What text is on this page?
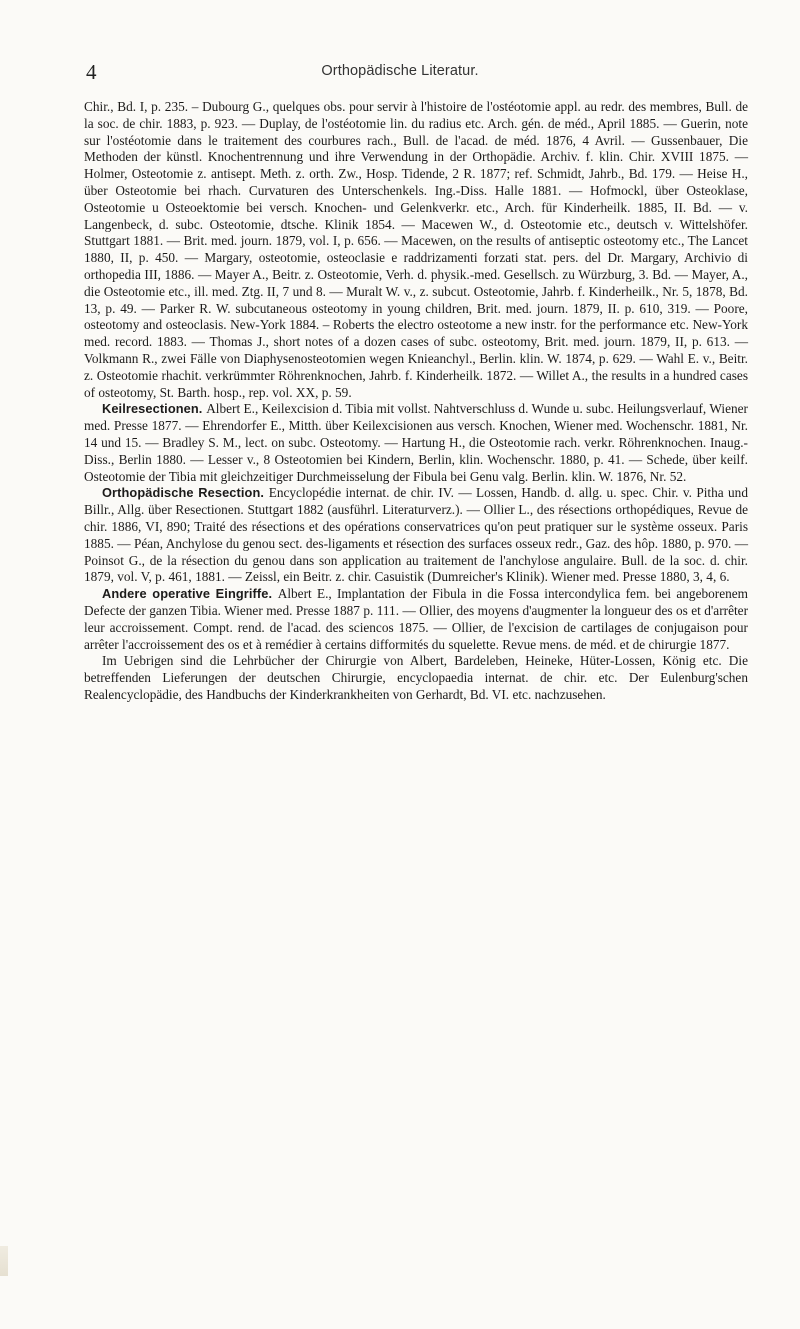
4	Orthopädische Literatur.

Chir., Bd. I, p. 235. – Dubourg G., quelques obs. pour servir à l'histoire de l'ostéotomie appl. au redr. des membres, Bull. de la soc. de chir. 1883, p. 923. — Duplay, de l'ostéotomie lin. du radius etc. Arch. gén. de méd., April 1885. — Guerin, note sur l'ostéotomie dans le traitement des courbures rach., Bull. de l'acad. de méd. 1876, 4 Avril. — Gussenbauer, Die Methoden der künstl. Knochentrennung und ihre Verwendung in der Orthopädie. Archiv. f. klin. Chir. XVIII 1875. — Holmer, Osteotomie z. antisept. Meth. z. orth. Zw., Hosp. Tidende, 2 R. 1877; ref. Schmidt, Jahrb., Bd. 179. — Heise H., über Osteotomie bei rhach. Curvaturen des Unterschenkels. Ing.-Diss. Halle 1881. — Hofmockl, über Osteoklase, Osteotomie u Osteoektomie bei versch. Knochen- und Gelenkverkr. etc., Arch. für Kinderheilk. 1885, II. Bd. — v. Langenbeck, d. subc. Osteotomie, dtsche. Klinik 1854. — Macewen W., d. Osteotomie etc., deutsch v. Wittelshöfer. Stuttgart 1881. — Brit. med. journ. 1879, vol. I, p. 656. — Macewen, on the results of antiseptic osteotomy etc., The Lancet 1880, II, p. 450. — Margary, osteotomie, osteoclasie e raddrizamenti forzati stat. pers. del Dr. Margary, Archivio di orthopedia III, 1886. — Mayer A., Beitr. z. Osteotomie, Verh. d. physik.-med. Gesellsch. zu Würzburg, 3. Bd. — Mayer, A., die Osteotomie etc., ill. med. Ztg. II, 7 und 8. — Muralt W. v., z. subcut. Osteotomie, Jahrb. f. Kinderheilk., Nr. 5, 1878, Bd. 13, p. 49. — Parker R. W. subcutaneous osteotomy in young children, Brit. med. journ. 1879, II. p. 610, 319. — Poore, osteotomy and osteoclasis. New-York 1884. – Roberts the electro osteotome a new instr. for the performance etc. New-York med. record. 1883. — Thomas J., short notes of a dozen cases of subc. osteotomy, Brit. med. journ. 1879, II, p. 613. — Volkmann R., zwei Fälle von Diaphysenosteotomien wegen Knieanchyl., Berlin. klin. W. 1874, p. 629. — Wahl E. v., Beitr. z. Osteotomie rhachit. verkrümmter Röhrenknochen, Jahrb. f. Kinderheilk. 1872. — Willet A., the results in a hundred cases of osteotomy, St. Barth. hosp., rep. vol. XX, p. 59.

Keilresectionen. Albert E., Keilexcision d. Tibia mit vollst. Nahtverschluss d. Wunde u. subc. Heilungsverlauf, Wiener med. Presse 1877. — Ehrendorfer E., Mitth. über Keilexcisionen aus versch. Knochen, Wiener med. Wochenschr. 1881, Nr. 14 und 15. — Bradley S. M., lect. on subc. Osteotomy. — Hartung H., die Osteotomie rach. verkr. Röhrenknochen. Inaug.-Diss., Berlin 1880. — Lesser v., 8 Osteotomien bei Kindern, Berlin, klin. Wochenschr. 1880, p. 41. — Schede, über keilf. Osteotomie der Tibia mit gleichzeitiger Durchmeisselung der Fibula bei Genu valg. Berlin. klin. W. 1876, Nr. 52.

Orthopädische Resection. Encyclopédie internat. de chir. IV. — Lossen, Handb. d. allg. u. spec. Chir. v. Pitha und Billr., Allg. über Resectionen. Stuttgart 1882 (ausführl. Literaturverz.). — Ollier L., des résections orthopédiques, Revue de chir. 1886, VI, 890; Traité des résections et des opérations conservatrices qu'on peut pratiquer sur le système osseux. Paris 1885. — Péan, Anchylose du genou sect. des-ligaments et résection des surfaces osseux redr., Gaz. des hôp. 1880, p. 970. — Poinsot G., de la résection du genou dans son application au traitement de l'anchylose angulaire. Bull. de la soc. d. chir. 1879, vol. V, p. 461, 1881. — Zeissl, ein Beitr. z. chir. Casuistik (Dumreicher's Klinik). Wiener med. Presse 1880, 3, 4, 6.

Andere operative Eingriffe. Albert E., Implantation der Fibula in die Fossa intercondylica fem. bei angeborenem Defecte der ganzen Tibia. Wiener med. Presse 1887 p. 111. — Ollier, des moyens d'augmenter la longueur des os et d'arrêter leur accroissement. Compt. rend. de l'acad. des sciencos 1875. — Ollier, de l'excision de cartilages de conjugaison pour arrêter l'accroissement des os et à remédier à certains difformités du squelette. Revue mens. de méd. et de chirurgie 1877.

Im Uebrigen sind die Lehrbücher der Chirurgie von Albert, Bardeleben, Heineke, Hüter-Lossen, König etc. Die betreffenden Lieferungen der deutschen Chirurgie, encyclopaedia internat. de chir. etc. Der Eulenburg'schen Realencyclopädie, des Handbuchs der Kinderkrankheiten von Gerhardt, Bd. VI. etc. nachzusehen.
